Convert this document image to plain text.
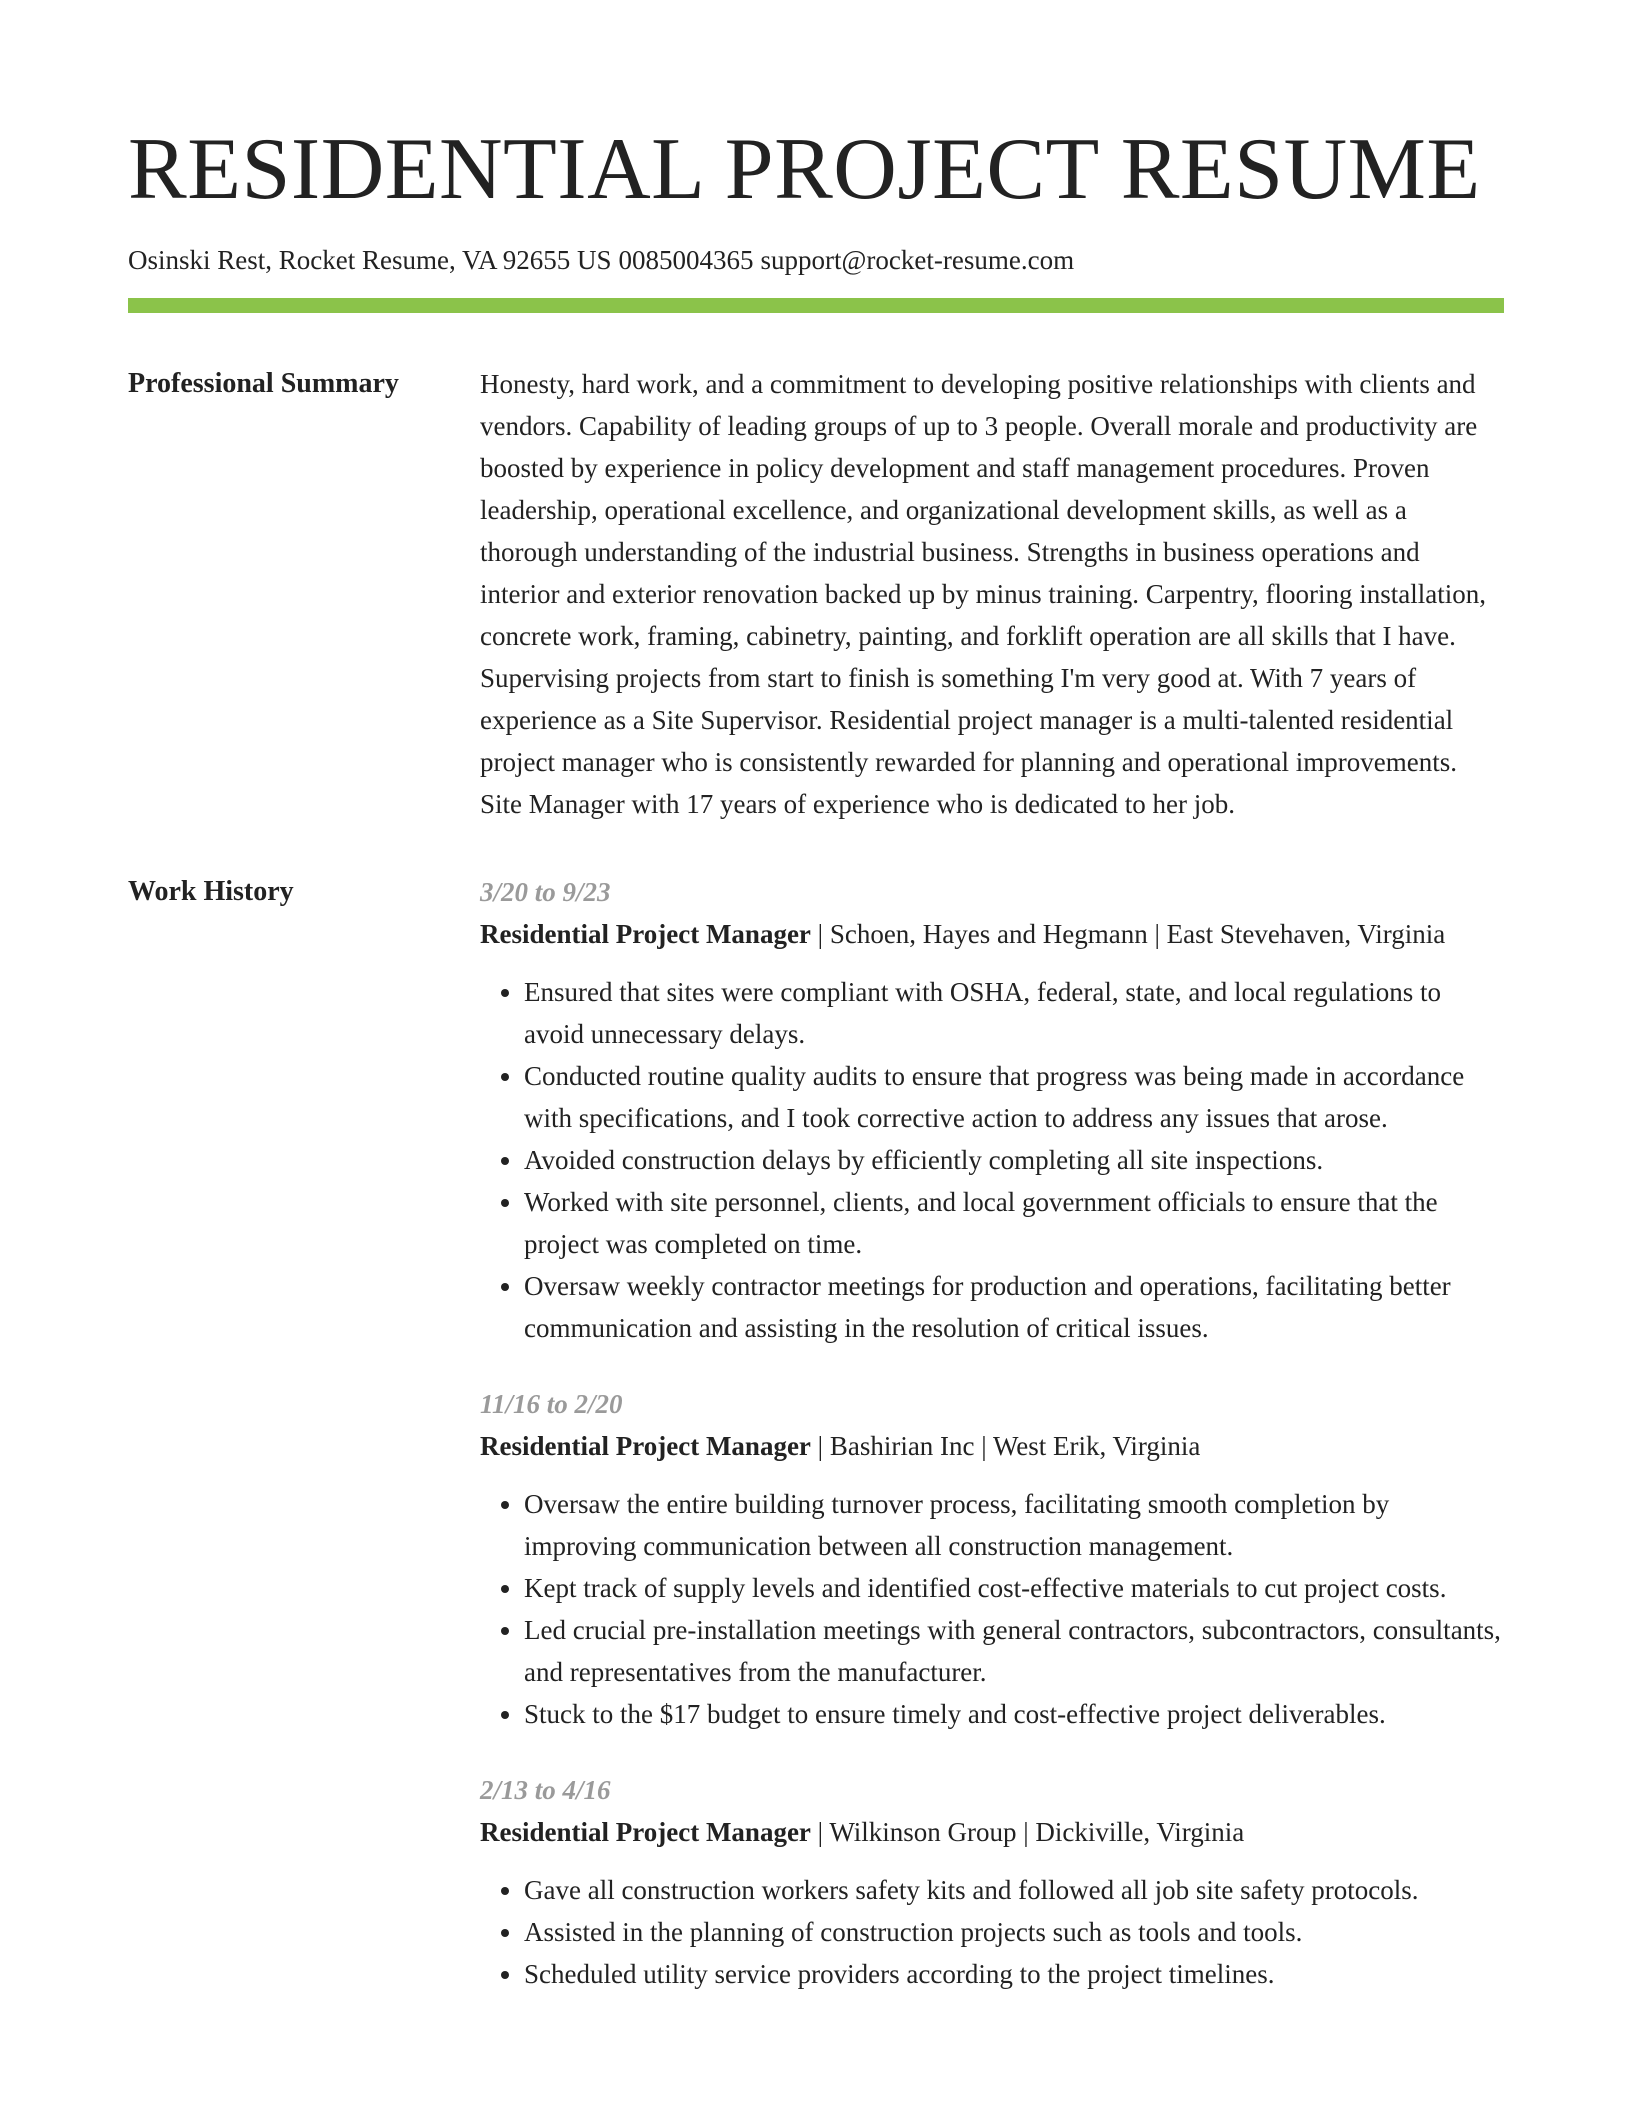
RESIDENTIAL PROJECT RESUME
Osinski Rest, Rocket Resume, VA 92655 US 0085004365 support@rocket-resume.com
Professional Summary	Honesty, hard work, and a commitment to developing positive relationships with clients and vendors. Capability of leading groups of up to 3 people. Overall morale and productivity are boosted by experience in policy development and staff management procedures. Proven leadership, operational excellence, and organizational development skills, as well as a thorough understanding of the industrial business. Strengths in business operations and interior and exterior renovation backed up by minus training. Carpentry, flooring installation, concrete work, framing, cabinetry, painting, and forklift operation are all skills that I have. Supervising projects from start to finish is something I'm very good at. With 7 years of experience as a Site Supervisor. Residential project manager is a multi-talented residential project manager who is consistently rewarded for planning and operational improvements. Site Manager with 17 years of experience who is dedicated to her job.

Work History	3/20 to 9/23
Residential Project Manager | Schoen, Hayes and Hegmann | East Stevehaven, Virginia
• Ensured that sites were compliant with OSHA, federal, state, and local regulations to avoid unnecessary delays.
• Conducted routine quality audits to ensure that progress was being made in accordance with specifications, and I took corrective action to address any issues that arose.
• Avoided construction delays by efficiently completing all site inspections.
• Worked with site personnel, clients, and local government officials to ensure that the project was completed on time.
• Oversaw weekly contractor meetings for production and operations, facilitating better communication and assisting in the resolution of critical issues.
11/16 to 2/20
Residential Project Manager | Bashirian Inc | West Erik, Virginia
• Oversaw the entire building turnover process, facilitating smooth completion by improving communication between all construction management.
• Kept track of supply levels and identified cost-effective materials to cut project costs.
• Led crucial pre-installation meetings with general contractors, subcontractors, consultants, and representatives from the manufacturer.
• Stuck to the $17 budget to ensure timely and cost-effective project deliverables.
2/13 to 4/16
Residential Project Manager | Wilkinson Group | Dickiville, Virginia
• Gave all construction workers safety kits and followed all job site safety protocols.
• Assisted in the planning of construction projects such as tools and tools.
• Scheduled utility service providers according to the project timelines.
